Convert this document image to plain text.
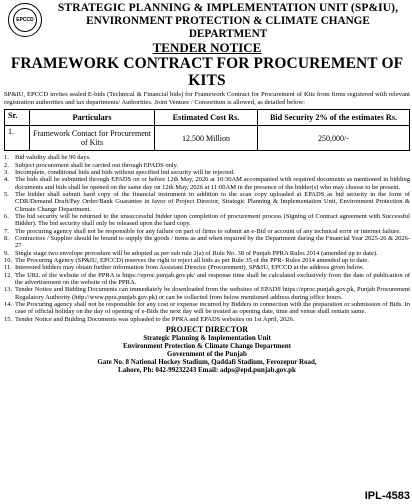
EPCCD
STRATEGIC PLANNING & IMPLEMENTATION UNIT (SP&IU),
ENVIRONMENT PROTECTION & CLIMATE CHANGE DEPARTMENT
TENDER NOTICE
FRAMEWORK CONTRACT FOR PROCUREMENT OF KITS
SP&IU, EPCCD invites sealed E-bids (Technical & Financial bids) for Framework Contract for Procurement of Kits from firms registered with relevant registration authorities and tax departments/ Authorities. Joint Venture / Consortium is allowed, as detailed below:
Sr.	Particulars	Estimated Cost Rs.	Bid Security 2% of the estimates Rs.
1.	Framework Contact for Procurement of Kits	12.500 Million	250,000/-
1. Bid validity shall be 90 days.
2. Subject procurement shall be carried out through EPADS only.
3. Incomplete, conditional bids and bids without specified bid security will be rejected.
4. The bids shall be submitted through EPADS on or before 12th May, 2026 at 10:30AM accompanied with required documents as mentioned in bidding documents and bids shall be opened on the same day on 12th May, 2026 at 11:00AM in the presence of the bidder(s) who may choose to be present.
5. The bidder shall submit hard copy of the financial instrument in addition to the scan copy uploaded at EPADS as bid security in the form of CDR/Demand Draft/Pay Order/Bank Guarantee in favor of Project Director, Strategic Planning & Implementation Unit, Environment Protection & Climate Change Department.
6. The bid security will be returned to the unsuccessful bidder upon completion of procurement process (Signing of Contract agreement with Successful Bidder). The bid security shall only be released upon the hard copy.
7. The procuring agency shall not be responsible for any failure on part of firms to submit an e-Bid or account of any technical error or internet failure.
8. Contractors / Supplier should be bound to supply the goods / items as and when required by the Department during the Financial Year 2025-26 & 2026-27
9. Single stage two envelope procedure will be adopted as per sub rule 2(a) of Rule No. 38 of Punjab PPRA Rules 2014 (amended up to date).
10. The Procuring Agency (SP&IU, EPCCD) reserves the right to reject all bids as per Rule 35 of the PPR- Rules 2014 amended up to date.
11. Interested bidders may obtain further information from Assistant Director (Procurement), SP&IU, EPCCD at the address given below.
12. The URL of the website of the PPRA is https://eproc.punjab.gov.pk/ and response time shall be calculated exclusively from the date of publication of the advertisement on the website of the PPRA.
13. Tender Notice and Bidding Documents can immediately be downloaded from the websites of EPADS https://eproc.punjab.gov.pk, Punjab Procurement Regulatory Authority (http://www.ppra.punjab.gov.pk) or can be collected from below mentioned address during office hours.
14. The Procuring agency shall not be responsible for any cost or expense incurred by Bidders in connection with the preparation or submission of Bids. In case of official holiday on the day of opening of e-Bids the next day will be treated as opening date, time and venue shall remain same.
15. Tender Notice and Bidding Documents was uploaded to the PPRA and EPADS websites on 1st April, 2026.
PROJECT DIRECTOR
Strategic Planning & Implementation Unit
Environment Protection & Climate Change Department
Government of the Punjab
Gate No. 8 National Hockey Stadium, Qaddafi Stadium, Ferozepur Road,
Lahore, Ph: 042-99232243 Email: adps@epd.punjab.gov.pk
IPL-4583
